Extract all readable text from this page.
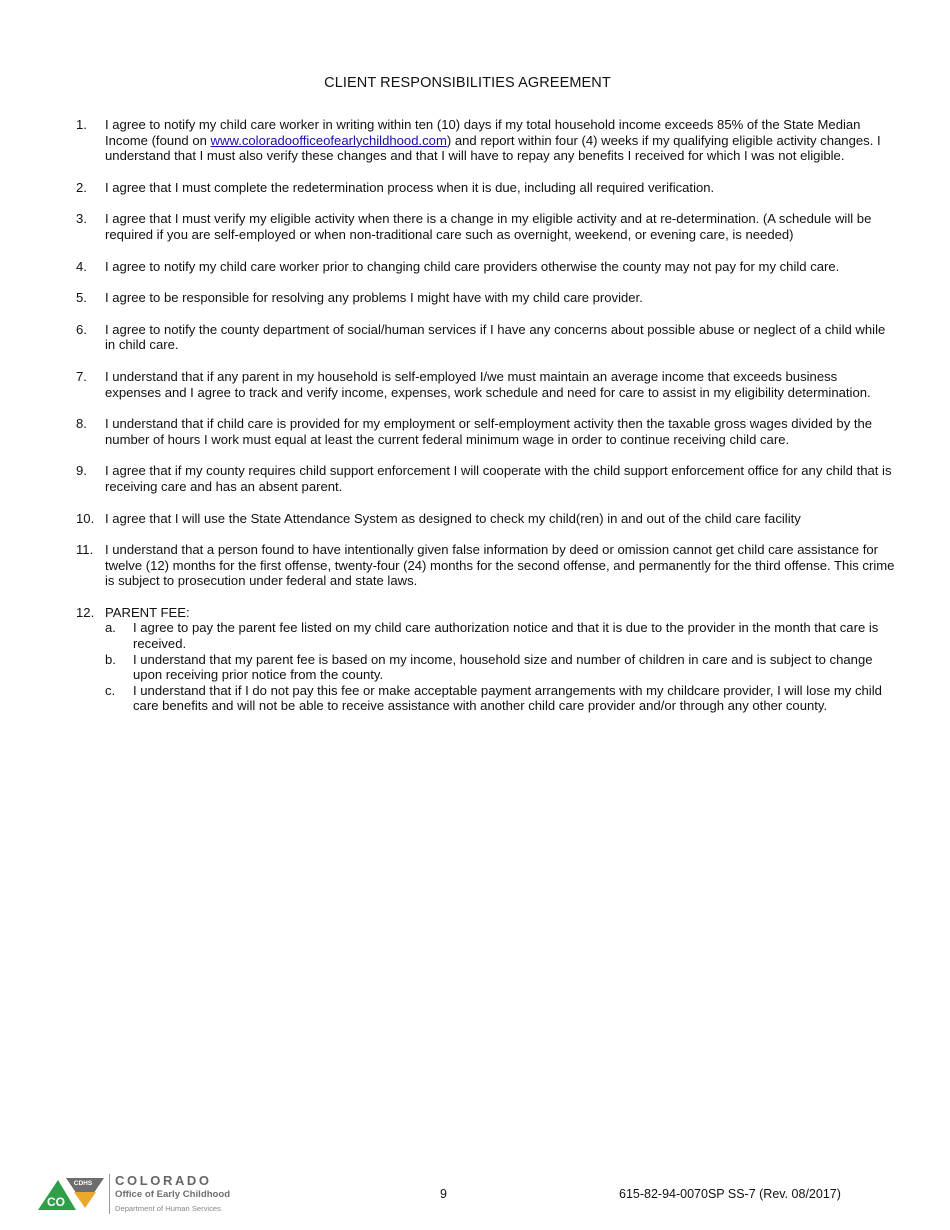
CLIENT RESPONSIBILITIES AGREEMENT
1. I agree to notify my child care worker in writing within ten (10) days if my total household income exceeds 85% of the State Median Income (found on www.coloradoofficeofearlychildhood.com) and report within four (4) weeks if my qualifying eligible activity changes. I understand that I must also verify these changes and that I will have to repay any benefits I received for which I was not eligible.
2. I agree that I must complete the redetermination process when it is due, including all required verification.
3. I agree that I must verify my eligible activity when there is a change in my eligible activity and at re-determination. (A schedule will be required if you are self-employed or when non-traditional care such as overnight, weekend, or evening care, is needed)
4. I agree to notify my child care worker prior to changing child care providers otherwise the county may not pay for my child care.
5. I agree to be responsible for resolving any problems I might have with my child care provider.
6. I agree to notify the county department of social/human services if I have any concerns about possible abuse or neglect of a child while in child care.
7. I understand that if any parent in my household is self-employed I/we must maintain an average income that exceeds business expenses and I agree to track and verify income, expenses, work schedule and need for care to assist in my eligibility determination.
8. I understand that if child care is provided for my employment or self-employment activity then the taxable gross wages divided by the number of hours I work must equal at least the current federal minimum wage in order to continue receiving child care.
9. I agree that if my county requires child support enforcement I will cooperate with the child support enforcement office for any child that is receiving care and has an absent parent.
10. I agree that I will use the State Attendance System as designed to check my child(ren) in and out of the child care facility
11. I understand that a person found to have intentionally given false information by deed or omission cannot get child care assistance for twelve (12) months for the first offense, twenty-four (24) months for the second offense, and permanently for the third offense. This crime is subject to prosecution under federal and state laws.
12. PARENT FEE:
a. I agree to pay the parent fee listed on my child care authorization notice and that it is due to the provider in the month that care is received.
b. I understand that my parent fee is based on my income, household size and number of children in care and is subject to change upon receiving prior notice from the county.
c. I understand that if I do not pay this fee or make acceptable payment arrangements with my childcare provider, I will lose my child care benefits and will not be able to receive assistance with another child care provider and/or through any other county.
CDHS
CO
COLORADO
Office of Early Childhood
Department of Human Services
9	615-82-94-0070SP SS-7 (Rev. 08/2017)
